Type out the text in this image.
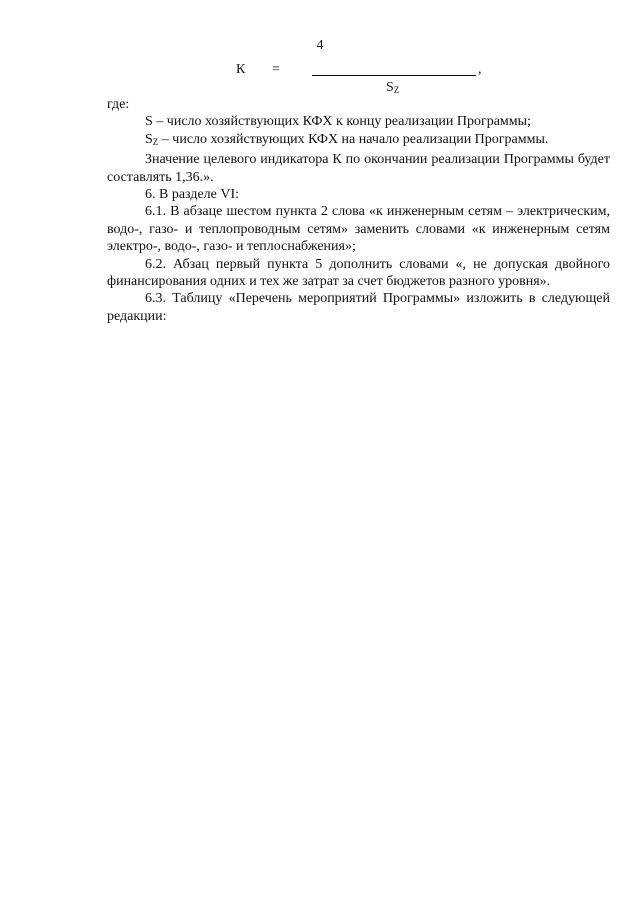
4
К =	,
$S_Z$

где:

S – число хозяйствующих КФХ к концу реализации Программы;

$S_Z$ – число хозяйствующих КФХ на начало реализации Программы.

Значение целевого индикатора К по окончании реализации Программы будет составлять 1,36.».

6. В разделе VI:

6.1. В абзаце шестом пункта 2 слова «к инженерным сетям – электрическим, водо-, газо- и теплопроводным сетям» заменить словами «к инженерным сетям электро-, водо-, газо- и теплоснабжения»;

6.2. Абзац первый пункта 5 дополнить словами «, не допуская двойного финансирования одних и тех же затрат за счет бюджетов разного уровня».

6.3. Таблицу «Перечень мероприятий Программы» изложить в следующей редакции:
